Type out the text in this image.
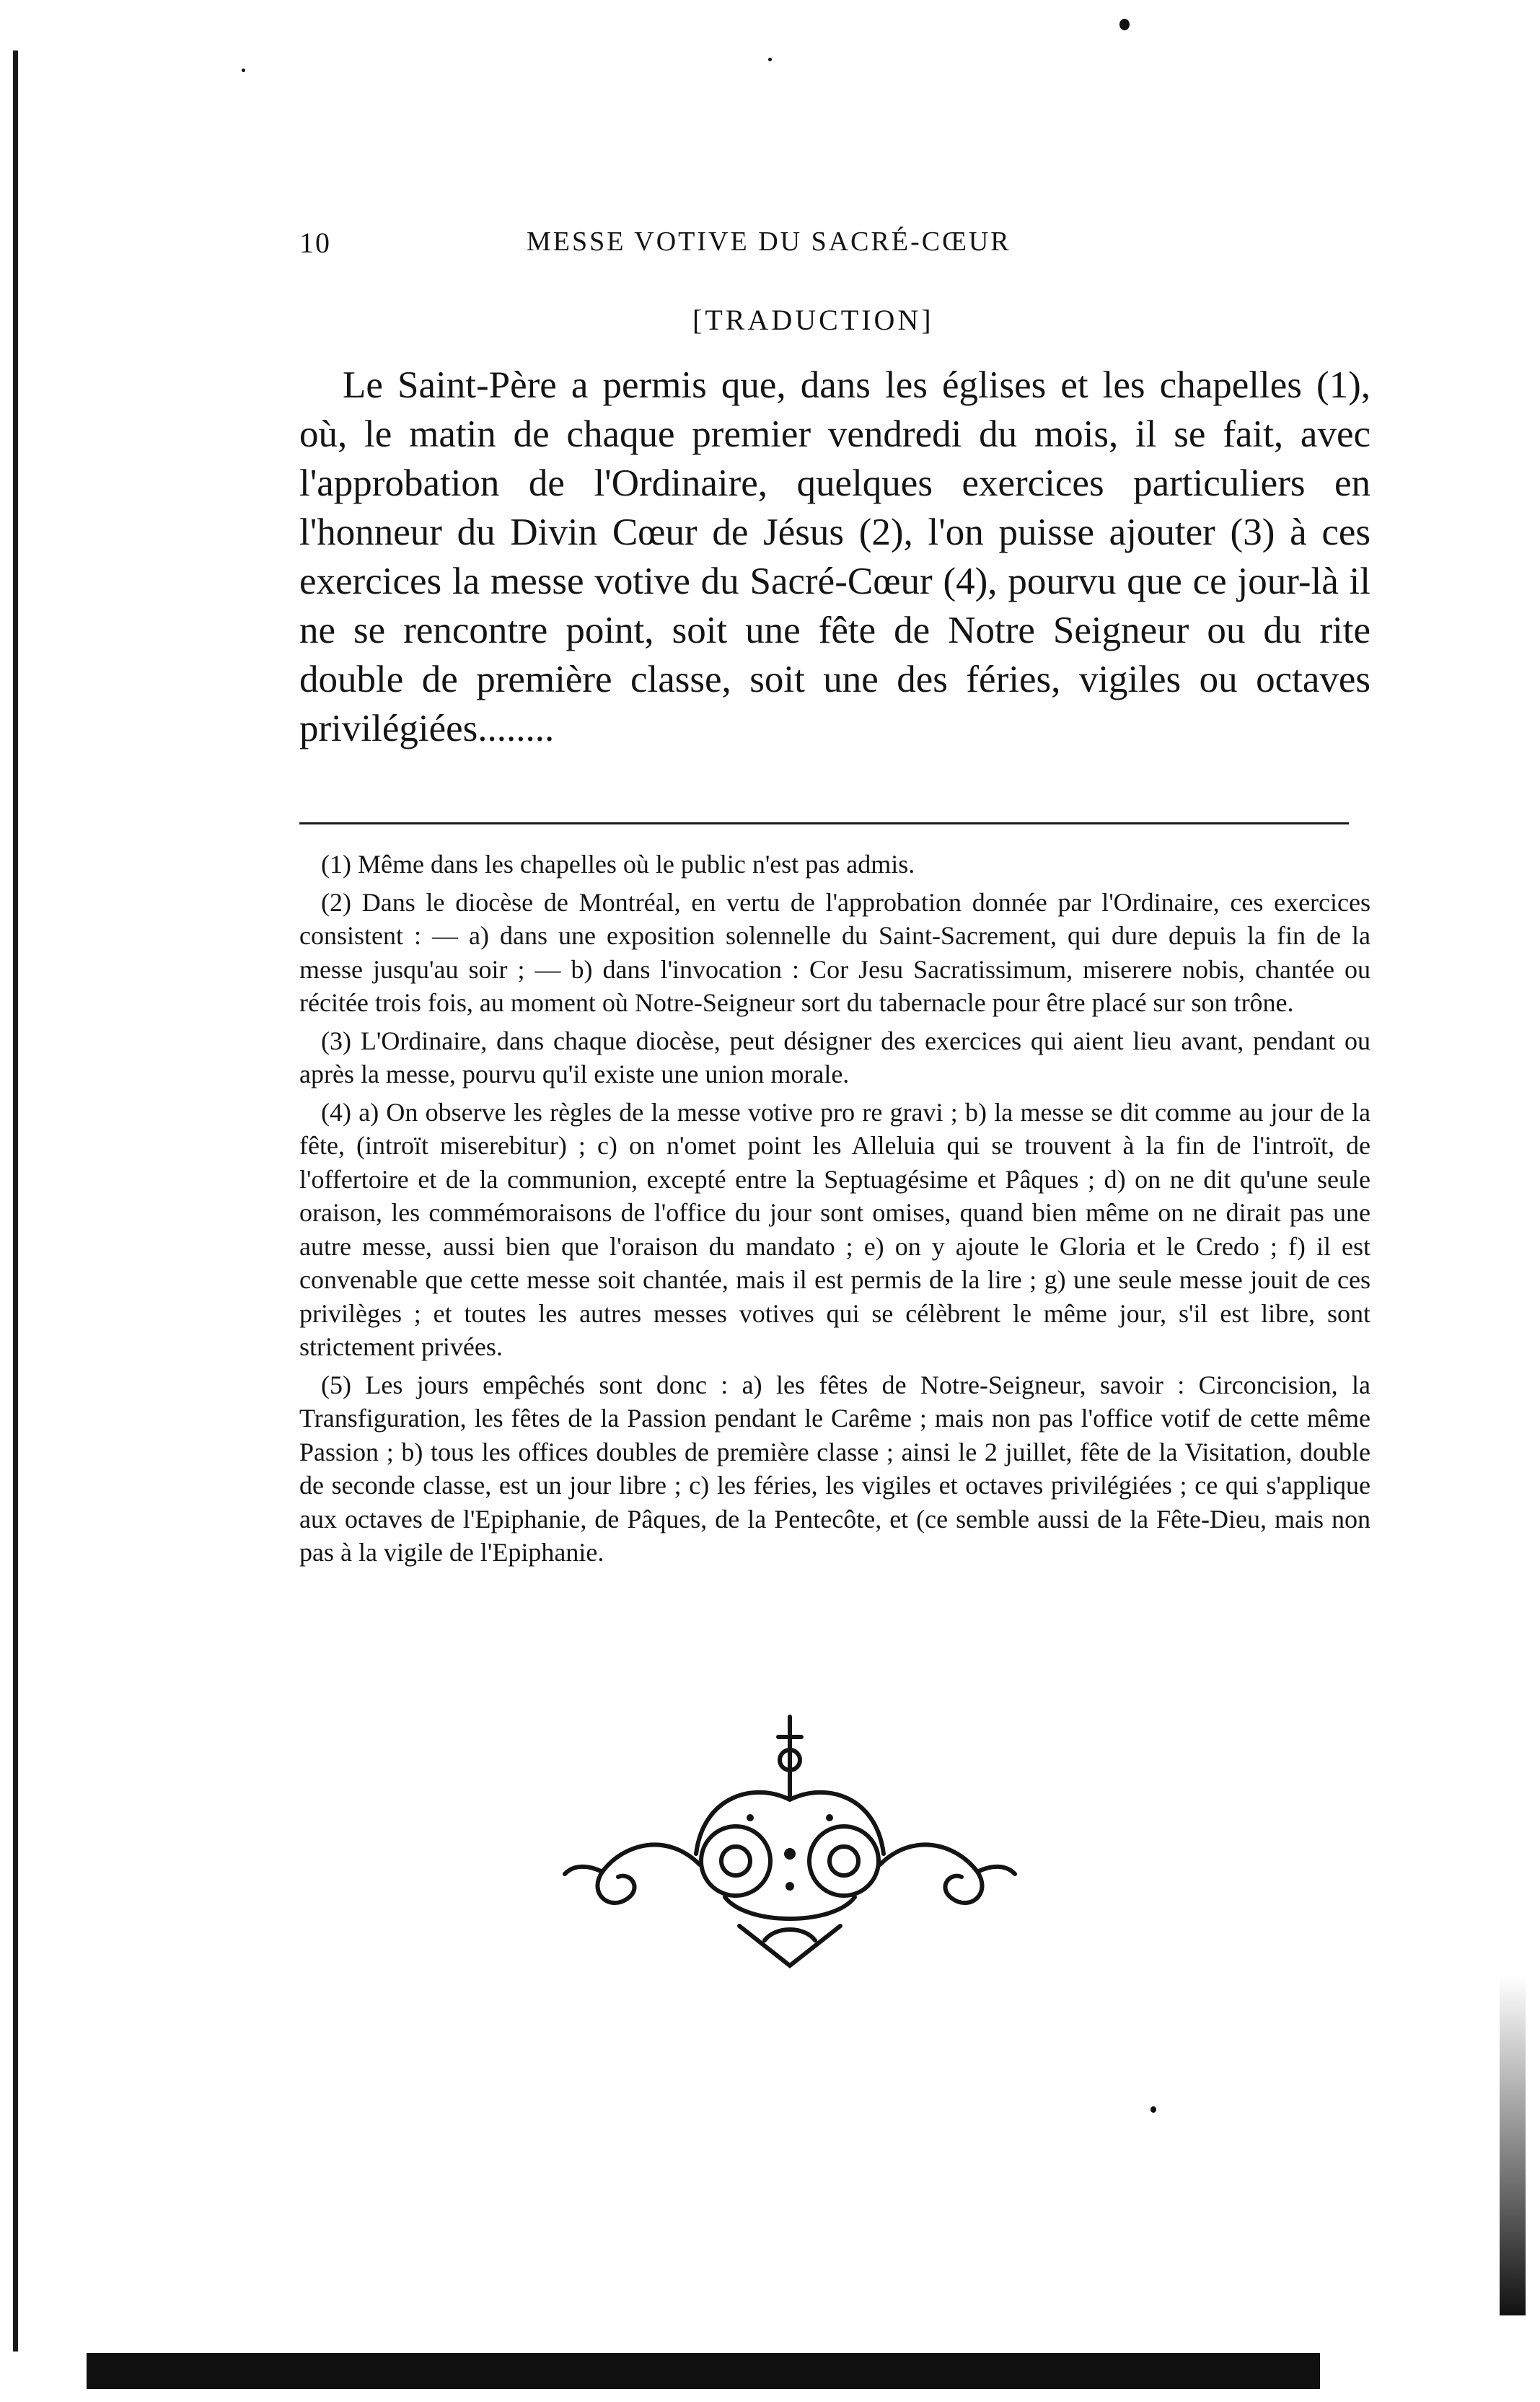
10	MESSE VOTIVE DU SACRÉ-CŒUR
[TRADUCTION]

Le Saint-Père a permis que, dans les églises et les chapelles (1), où, le matin de chaque premier vendredi du mois, il se fait, avec l'approbation de l'Ordinaire, quelques exercices particuliers en l'honneur du Divin Cœur de Jésus (2), l'on puisse ajouter (3) à ces exercices la messe votive du Sacré-Cœur (4), pourvu que ce jour-là il ne se rencontre point, soit une fête de Notre Seigneur ou du rite double de première classe, soit une des féries, vigiles ou octaves privilégiées........

(1) Même dans les chapelles où le public n'est pas admis.

(2) Dans le diocèse de Montréal, en vertu de l'approbation donnée par l'Ordinaire, ces exercices consistent : — a) dans une exposition solennelle du Saint-Sacrement, qui dure depuis la fin de la messe jusqu'au soir ; — b) dans l'invocation : Cor Jesu Sacratissimum, miserere nobis, chantée ou récitée trois fois, au moment où Notre-Seigneur sort du tabernacle pour être placé sur son trône.

(3) L'Ordinaire, dans chaque diocèse, peut désigner des exercices qui aient lieu avant, pendant ou après la messe, pourvu qu'il existe une union morale.

(4) a) On observe les règles de la messe votive pro re gravi ; b) la messe se dit comme au jour de la fête, (introït miserebitur) ; c) on n'omet point les Alleluia qui se trouvent à la fin de l'introït, de l'offertoire et de la communion, excepté entre la Septuagésime et Pâques ; d) on ne dit qu'une seule oraison, les commémoraisons de l'office du jour sont omises, quand bien même on ne dirait pas une autre messe, aussi bien que l'oraison du mandato ; e) on y ajoute le Gloria et le Credo ; f) il est convenable que cette messe soit chantée, mais il est permis de la lire ; g) une seule messe jouit de ces privilèges ; et toutes les autres messes votives qui se célèbrent le même jour, s'il est libre, sont strictement privées.

(5) Les jours empêchés sont donc : a) les fêtes de Notre-Seigneur, savoir : Circoncision, la Transfiguration, les fêtes de la Passion pendant le Carême ; mais non pas l'office votif de cette même Passion ; b) tous les offices doubles de première classe ; ainsi le 2 juillet, fête de la Visitation, double de seconde classe, est un jour libre ; c) les féries, les vigiles et octaves privilégiées ; ce qui s'applique aux octaves de l'Epiphanie, de Pâques, de la Pentecôte, et (ce semble aussi de la Fête-Dieu, mais non pas à la vigile de l'Epiphanie.
